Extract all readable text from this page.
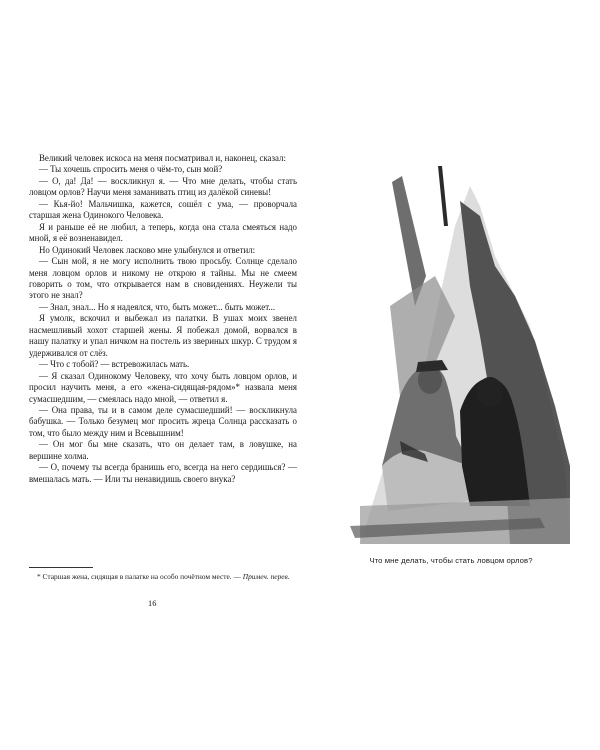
Великий человек искоса на меня посматривал и, наконец, сказал:

— Ты хочешь спросить меня о чём-то, сын мой?

— О, да! Да! — воскликнул я. — Что мне делать, чтобы стать ловцом орлов? Научи меня заманивать птиц из далёкой синевы!

— Кья-йо! Мальчишка, кажется, сошёл с ума, — проворчала старшая жена Одинокого Человека.

Я и раньше её не любил, а теперь, когда она стала смеяться надо мной, я её возненавидел.

Но Одинокий Человек ласково мне улыбнулся и ответил:

— Сын мой, я не могу исполнить твою просьбу. Солнце сделало меня ловцом орлов и никому не открою я тайны. Мы не смеем говорить о том, что открывается нам в сновидениях. Неужели ты этого не знал?

— Знал, знал... Но я надеялся, что, быть может... быть может...

Я умолк, вскочил и выбежал из палатки. В ушах моих звенел насмешливый хохот старшей жены. Я побежал домой, ворвался в нашу палатку и упал ничком на постель из звериных шкур. С трудом я удерживался от слёз.

— Что с тобой? — встревожилась мать.

— Я сказал Одинокому Человеку, что хочу быть ловцом орлов, и просил научить меня, а его «жена-сидящая-рядом»* назвала меня сумасшедшим, — смеялась надо мной, — ответил я.

— Она права, ты и в самом деле сумасшедший! — воскликнула бабушка. — Только безумец мог просить жреца Солнца рассказать о том, что было между ним и Всевышним!

— Он мог бы мне сказать, что он делает там, в ловушке, на вершине холма.

— О, почему ты всегда бранишь его, всегда на него сердишься? — вмешалась мать. — Или ты ненавидишь своего внука?

* Старшая жена, сидящая в палатке на особо почётном месте. — Примеч. перев.
16
Что мне делать, чтобы стать ловцом орлов?
